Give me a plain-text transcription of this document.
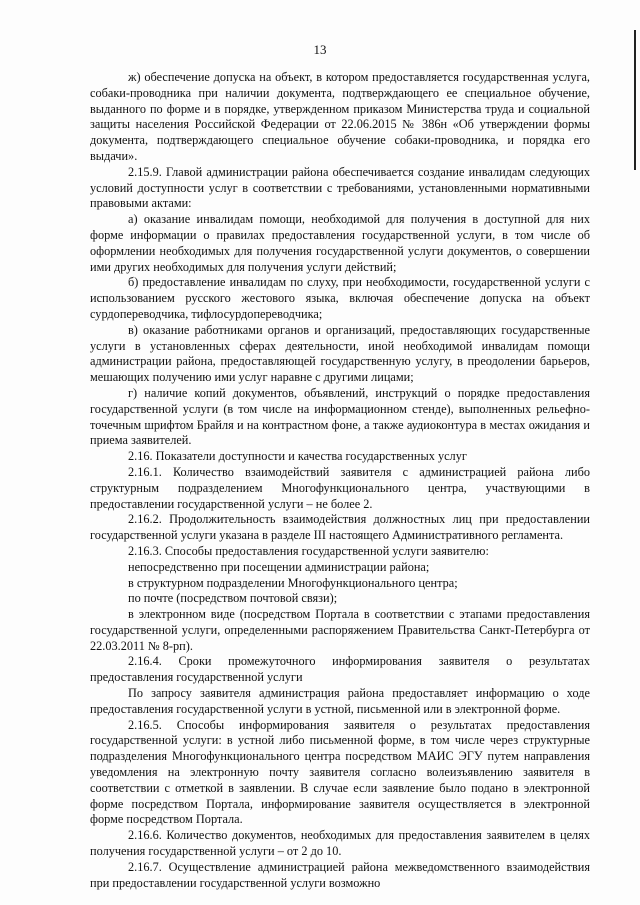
13

ж) обеспечение допуска на объект, в котором предоставляется государственная услуга, собаки-проводника при наличии документа, подтверждающего ее специальное обучение, выданного по форме и в порядке, утвержденном приказом Министерства труда и социальной защиты населения Российской Федерации от 22.06.2015 № 386н «Об утверждении формы документа, подтверждающего специальное обучение собаки-проводника, и порядка его выдачи».

2.15.9. Главой администрации района обеспечивается создание инвалидам следующих условий доступности услуг в соответствии с требованиями, установленными нормативными правовыми актами:

а) оказание инвалидам помощи, необходимой для получения в доступной для них форме информации о правилах предоставления государственной услуги, в том числе об оформлении необходимых для получения государственной услуги документов, о совершении ими других необходимых для получения услуги действий;

б) предоставление инвалидам по слуху, при необходимости, государственной услуги с использованием русского жестового языка, включая обеспечение допуска на объект сурдопереводчика, тифлосурдопереводчика;

в) оказание работниками органов и организаций, предоставляющих государственные услуги в установленных сферах деятельности, иной необходимой инвалидам помощи администрации района, предоставляющей государственную услугу, в преодолении барьеров, мешающих получению ими услуг наравне с другими лицами;

г) наличие копий документов, объявлений, инструкций о порядке предоставления государственной услуги (в том числе на информационном стенде), выполненных рельефно-точечным шрифтом Брайля и на контрастном фоне, а также аудиоконтура в местах ожидания и приема заявителей.

2.16. Показатели доступности и качества государственных услуг

2.16.1. Количество взаимодействий заявителя с администрацией района либо структурным подразделением Многофункционального центра, участвующими в предоставлении государственной услуги – не более 2.

2.16.2. Продолжительность взаимодействия должностных лиц при предоставлении государственной услуги указана в разделе III настоящего Административного регламента.

2.16.3. Способы предоставления государственной услуги заявителю:

непосредственно при посещении администрации района;

в структурном подразделении Многофункционального центра;

по почте (посредством почтовой связи);

в электронном виде (посредством Портала в соответствии с этапами предоставления государственной услуги, определенными распоряжением Правительства Санкт-Петербурга от 22.03.2011 № 8-рп).

2.16.4. Сроки промежуточного информирования заявителя о результатах предоставления государственной услуги

По запросу заявителя администрация района предоставляет информацию о ходе предоставления государственной услуги в устной, письменной или в электронной форме.

2.16.5. Способы информирования заявителя о результатах предоставления государственной услуги: в устной либо письменной форме, в том числе через структурные подразделения Многофункционального центра посредством МАИС ЭГУ путем направления уведомления на электронную почту заявителя согласно волеизъявлению заявителя в соответствии с отметкой в заявлении. В случае если заявление было подано в электронной форме посредством Портала, информирование заявителя осуществляется в электронной форме посредством Портала.

2.16.6. Количество документов, необходимых для предоставления заявителем в целях получения государственной услуги – от 2 до 10.

2.16.7. Осуществление администрацией района межведомственного взаимодействия при предоставлении государственной услуги возможно
